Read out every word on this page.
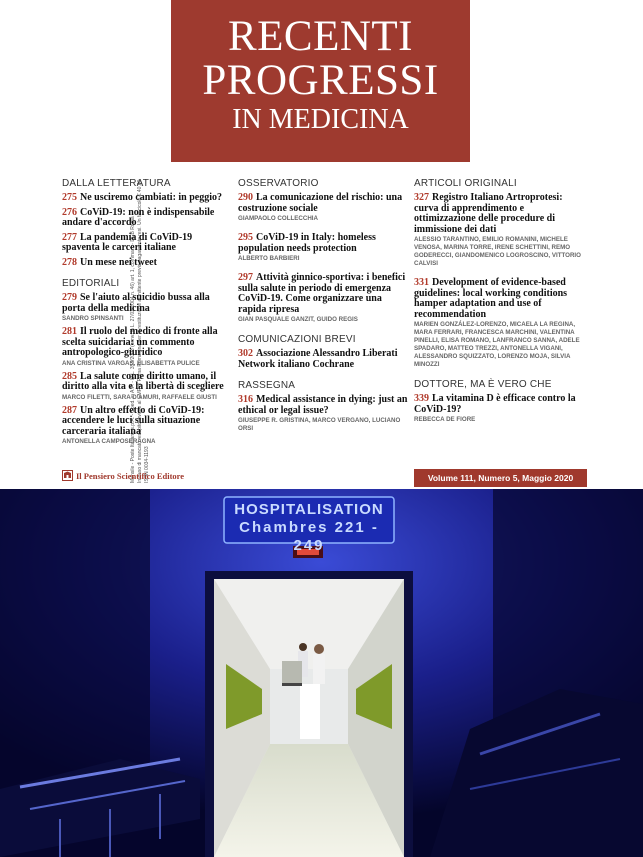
RECENTI
PROGRESSI
IN MEDICINA
Mensile - Poste Italiane s.p.A. - Sped. in A.P. - D.L. 353/2003 (conv. in L. 27/02/2004 n. 46) art. 1, comma 1 - DCB Roma In caso di mancato recapito inviare al CMP di Roma Romanina per la restituzione al mittente previo pagamento resi. Un fascicolo € 40,00 ISSN 0034-1193
DALLA LETTERATURA
275 Ne usciremo cambiati: in peggio?
276 CoViD-19: non è indispensabile andare d'accordo
277 La pandemia di CoViD-19 spaventa le carceri italiane
278 Un mese nei tweet
EDITORIALI
279 Se l'aiuto al suicidio bussa alla porta della medicina
SANDRO SPINSANTI
281 Il ruolo del medico di fronte alla scelta suicidaria: un commento antropologico-giuridico
ANA CRISTINA VARGAS, ELISABETTA PULICE
285 La salute come diritto umano, il diritto alla vita e la libertà di scegliere
MARCO FILETTI, SARA D'AMURI, RAFFAELE GIUSTI
287 Un altro effetto di CoViD-19: accendere le luci sulla situazione carceraria italiana
ANTONELLA CAMPOSERAGNA
OSSERVATORIO
290 La comunicazione del rischio: una costruzione sociale
GIAMPAOLO COLLECCHIA
295 CoViD-19 in Italy: homeless population needs protection
ALBERTO BARBIERI
297 Attività ginnico-sportiva: i benefici sulla salute in periodo di emergenza CoViD-19. Come organizzare una rapida ripresa
GIAN PASQUALE GANZIT, GUIDO REGIS
COMUNICAZIONI BREVI
302 Associazione Alessandro Liberati Network italiano Cochrane
RASSEGNA
316 Medical assistance in dying: just an ethical or legal issue?
GIUSEPPE R. GRISTINA, MARCO VERGANO, LUCIANO ORSI
ARTICOLI ORIGINALI
327 Registro Italiano Artroprotesi: curva di apprendimento e ottimizzazione delle procedure di immissione dei dati
ALESSIO TARANTINO, EMILIO ROMANINI, MICHELE VENOSA, MARINA TORRE, IRENE SCHETTINI, REMO GODERECCI, GIANDOMENICO LOGROSCINO, VITTORIO CALVISI
331 Development of evidence-based guidelines: local working conditions hamper adaptation and use of recommendation
MARIEN GONZÁLEZ-LORENZO, MICAELA LA REGINA, MARA FERRARI, FRANCESCA MARCHINI, VALENTINA PINELLI, ELISA ROMANO, LANFRANCO SANNA, ADELE SPADARO, MATTEO TREZZI, ANTONELLA VIGANI, ALESSANDRO SQUIZZATO, LORENZO MOJA, SILVIA MINOZZI
DOTTORE, MA È VERO CHE
339 La vitamina D è efficace contro la CoViD-19?
REBECCA DE FIORE
Il Pensiero Scientifico Editore	Volume 111, Numero 5, Maggio 2020
HOSPITALISATION
Chambres 221 - 249
